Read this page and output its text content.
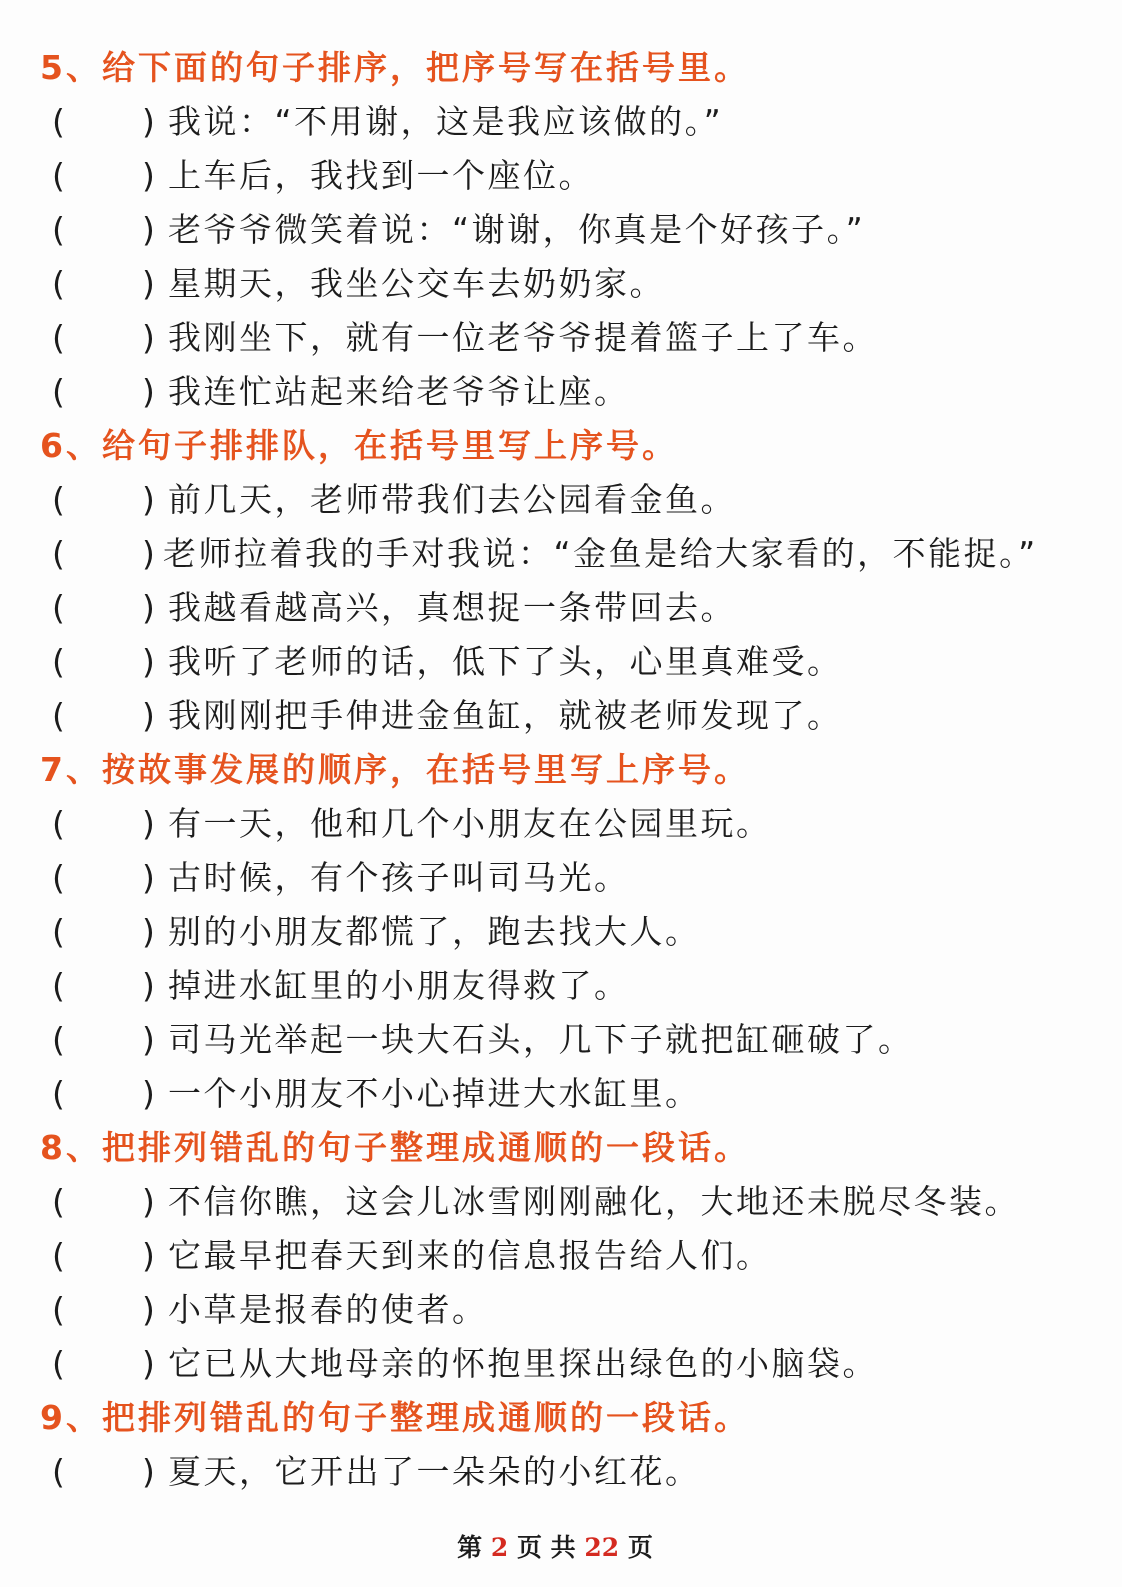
5、给下面的句子排序，把序号写在括号里。
( ) 我说：“不用谢，这是我应该做的。”
( ) 上车后，我找到一个座位。
( ) 老爷爷微笑着说：“谢谢，你真是个好孩子。”
( ) 星期天，我坐公交车去奶奶家。
( ) 我刚坐下，就有一位老爷爷提着篮子上了车。
( ) 我连忙站起来给老爷爷让座。
6、给句子排排队，在括号里写上序号。
( ) 前几天，老师带我们去公园看金鱼。
( ) 老师拉着我的手对我说：“金鱼是给大家看的，不能捉。”
( ) 我越看越高兴，真想捉一条带回去。
( ) 我听了老师的话，低下了头，心里真难受。
( ) 我刚刚把手伸进金鱼缸，就被老师发现了。
7、按故事发展的顺序，在括号里写上序号。
( ) 有一天，他和几个小朋友在公园里玩。
( ) 古时候，有个孩子叫司马光。
( ) 别的小朋友都慌了，跑去找大人。
( ) 掉进水缸里的小朋友得救了。
( ) 司马光举起一块大石头，几下子就把缸砸破了。
( ) 一个小朋友不小心掉进大水缸里。
8、把排列错乱的句子整理成通顺的一段话。
( ) 不信你瞧，这会儿冰雪刚刚融化，大地还未脱尽冬装。
( ) 它最早把春天到来的信息报告给人们。
( ) 小草是报春的使者。
( ) 它已从大地母亲的怀抱里探出绿色的小脑袋。
9、把排列错乱的句子整理成通顺的一段话。
( ) 夏天，它开出了一朵朵的小红花。
第 2 页 共 22 页
